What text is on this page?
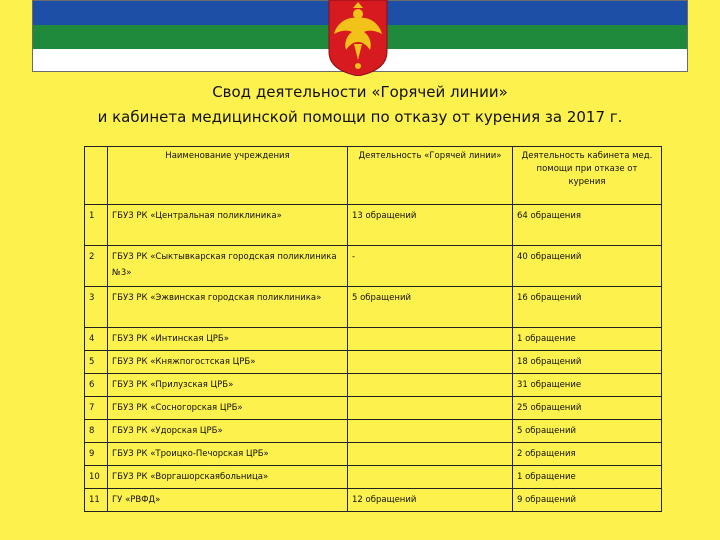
Свод деятельности «Горячей линии»
и кабинета медицинской помощи по отказу от курения за 2017 г.
	Наименование учреждения	Деятельность «Горячей линии»	Деятельность кабинета мед. помощи при отказе от курения
1	ГБУЗ РК «Центральная поликлиника»	13 обращений	64 обращения
2	ГБУЗ РК «Сыктывкарская городская поликлиника №3»	-	40 обращений
3	ГБУЗ РК «Эжвинская городская поликлиника»	5 обращений	16 обращений
4	ГБУЗ РК «Интинская ЦРБ»		1 обращение
5	ГБУЗ РК «Княжпогостская ЦРБ»		18 обращений
6	ГБУЗ РК «Прилузская ЦРБ»		31 обращение
7	ГБУЗ РК «Сосногорская ЦРБ»		25 обращений
8	ГБУЗ РК «Удорская ЦРБ»		5 обращений
9	ГБУЗ РК «Троицко-Печорская ЦРБ»		2 обращения
10	ГБУЗ РК «Воргашорскаябольница»		1 обращение
11	ГУ «РВФД»	12 обращений	9 обращений
